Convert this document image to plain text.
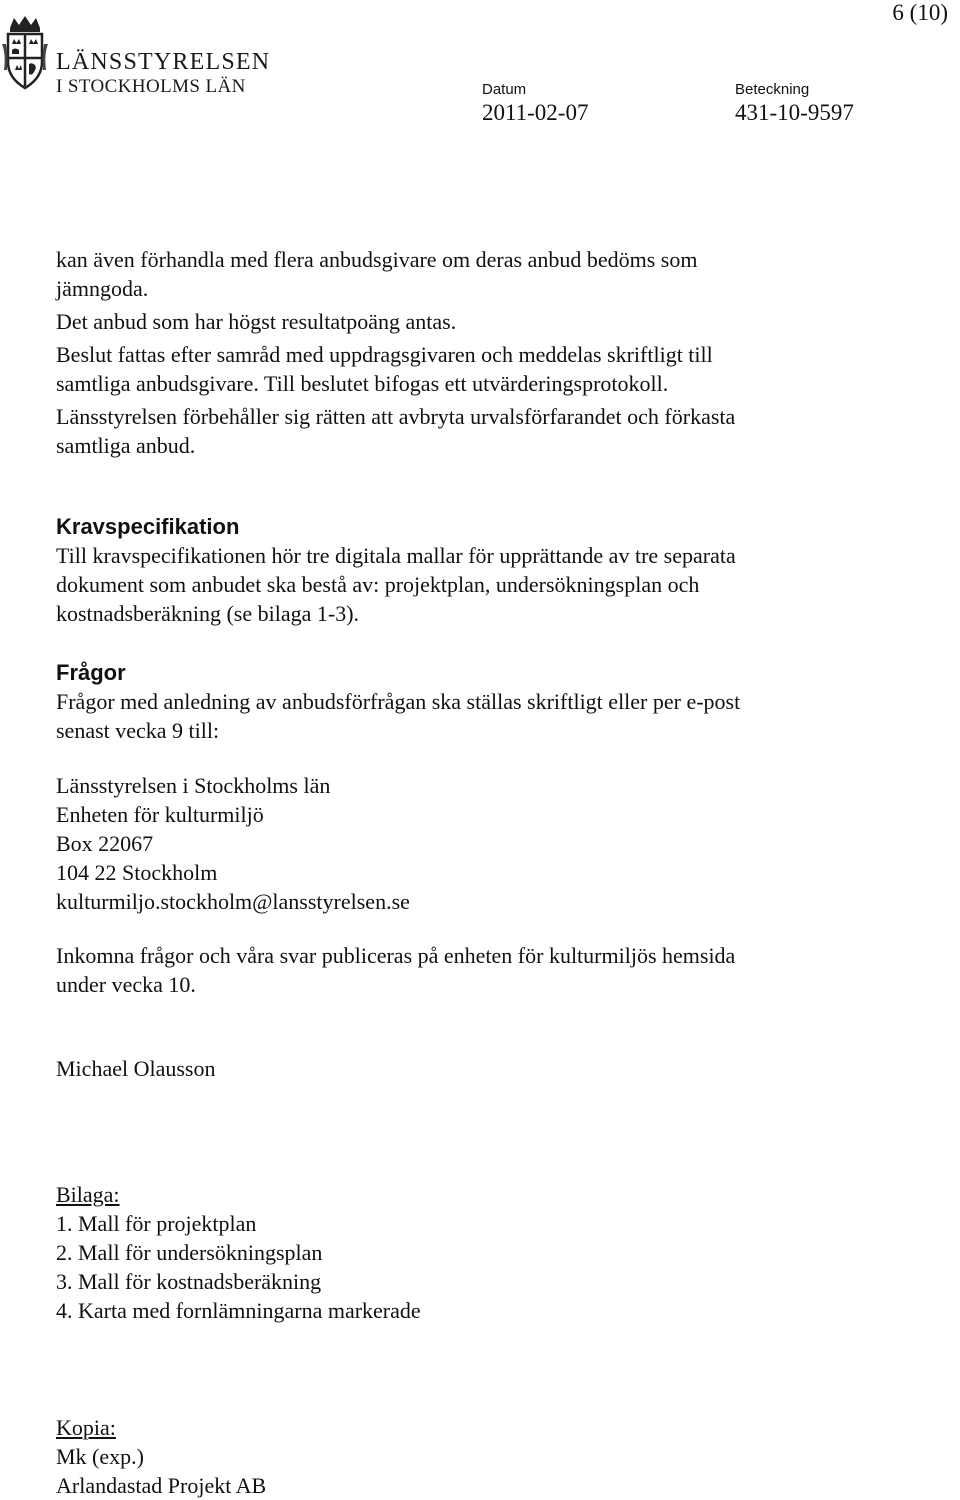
6 (10)
LÄNSSTYRELSEN
I STOCKHOLMS LÄN	Datum
2011-02-07
Beteckning
431-10-9597

kan även förhandla med flera anbudsgivare om deras anbud bedöms som

jämngoda.

Det anbud som har högst resultatpoäng antas.

Beslut fattas efter samråd med uppdragsgivaren och meddelas skriftligt till

samtliga anbudsgivare. Till beslutet bifogas ett utvärderingsprotokoll.

Länsstyrelsen förbehåller sig rätten att avbryta urvalsförfarandet och förkasta

samtliga anbud.

Kravspecifikation

Till kravspecifikationen hör tre digitala mallar för upprättande av tre separata

dokument som anbudet ska bestå av: projektplan, undersökningsplan och

kostnadsberäkning (se bilaga 1-3).

Frågor

Frågor med anledning av anbudsförfrågan ska ställas skriftligt eller per e-post

senast vecka 9 till:

Länsstyrelsen i Stockholms län

Enheten för kulturmiljö

Box 22067

104 22 Stockholm

kulturmiljo.stockholm@lansstyrelsen.se

Inkomna frågor och våra svar publiceras på enheten för kulturmiljös hemsida

under vecka 10.

Michael Olausson

Bilaga:

1. Mall för projektplan

2. Mall för undersökningsplan

3. Mall för kostnadsberäkning

4. Karta med fornlämningarna markerade

Kopia:

Mk (exp.)

Arlandastad Projekt AB
